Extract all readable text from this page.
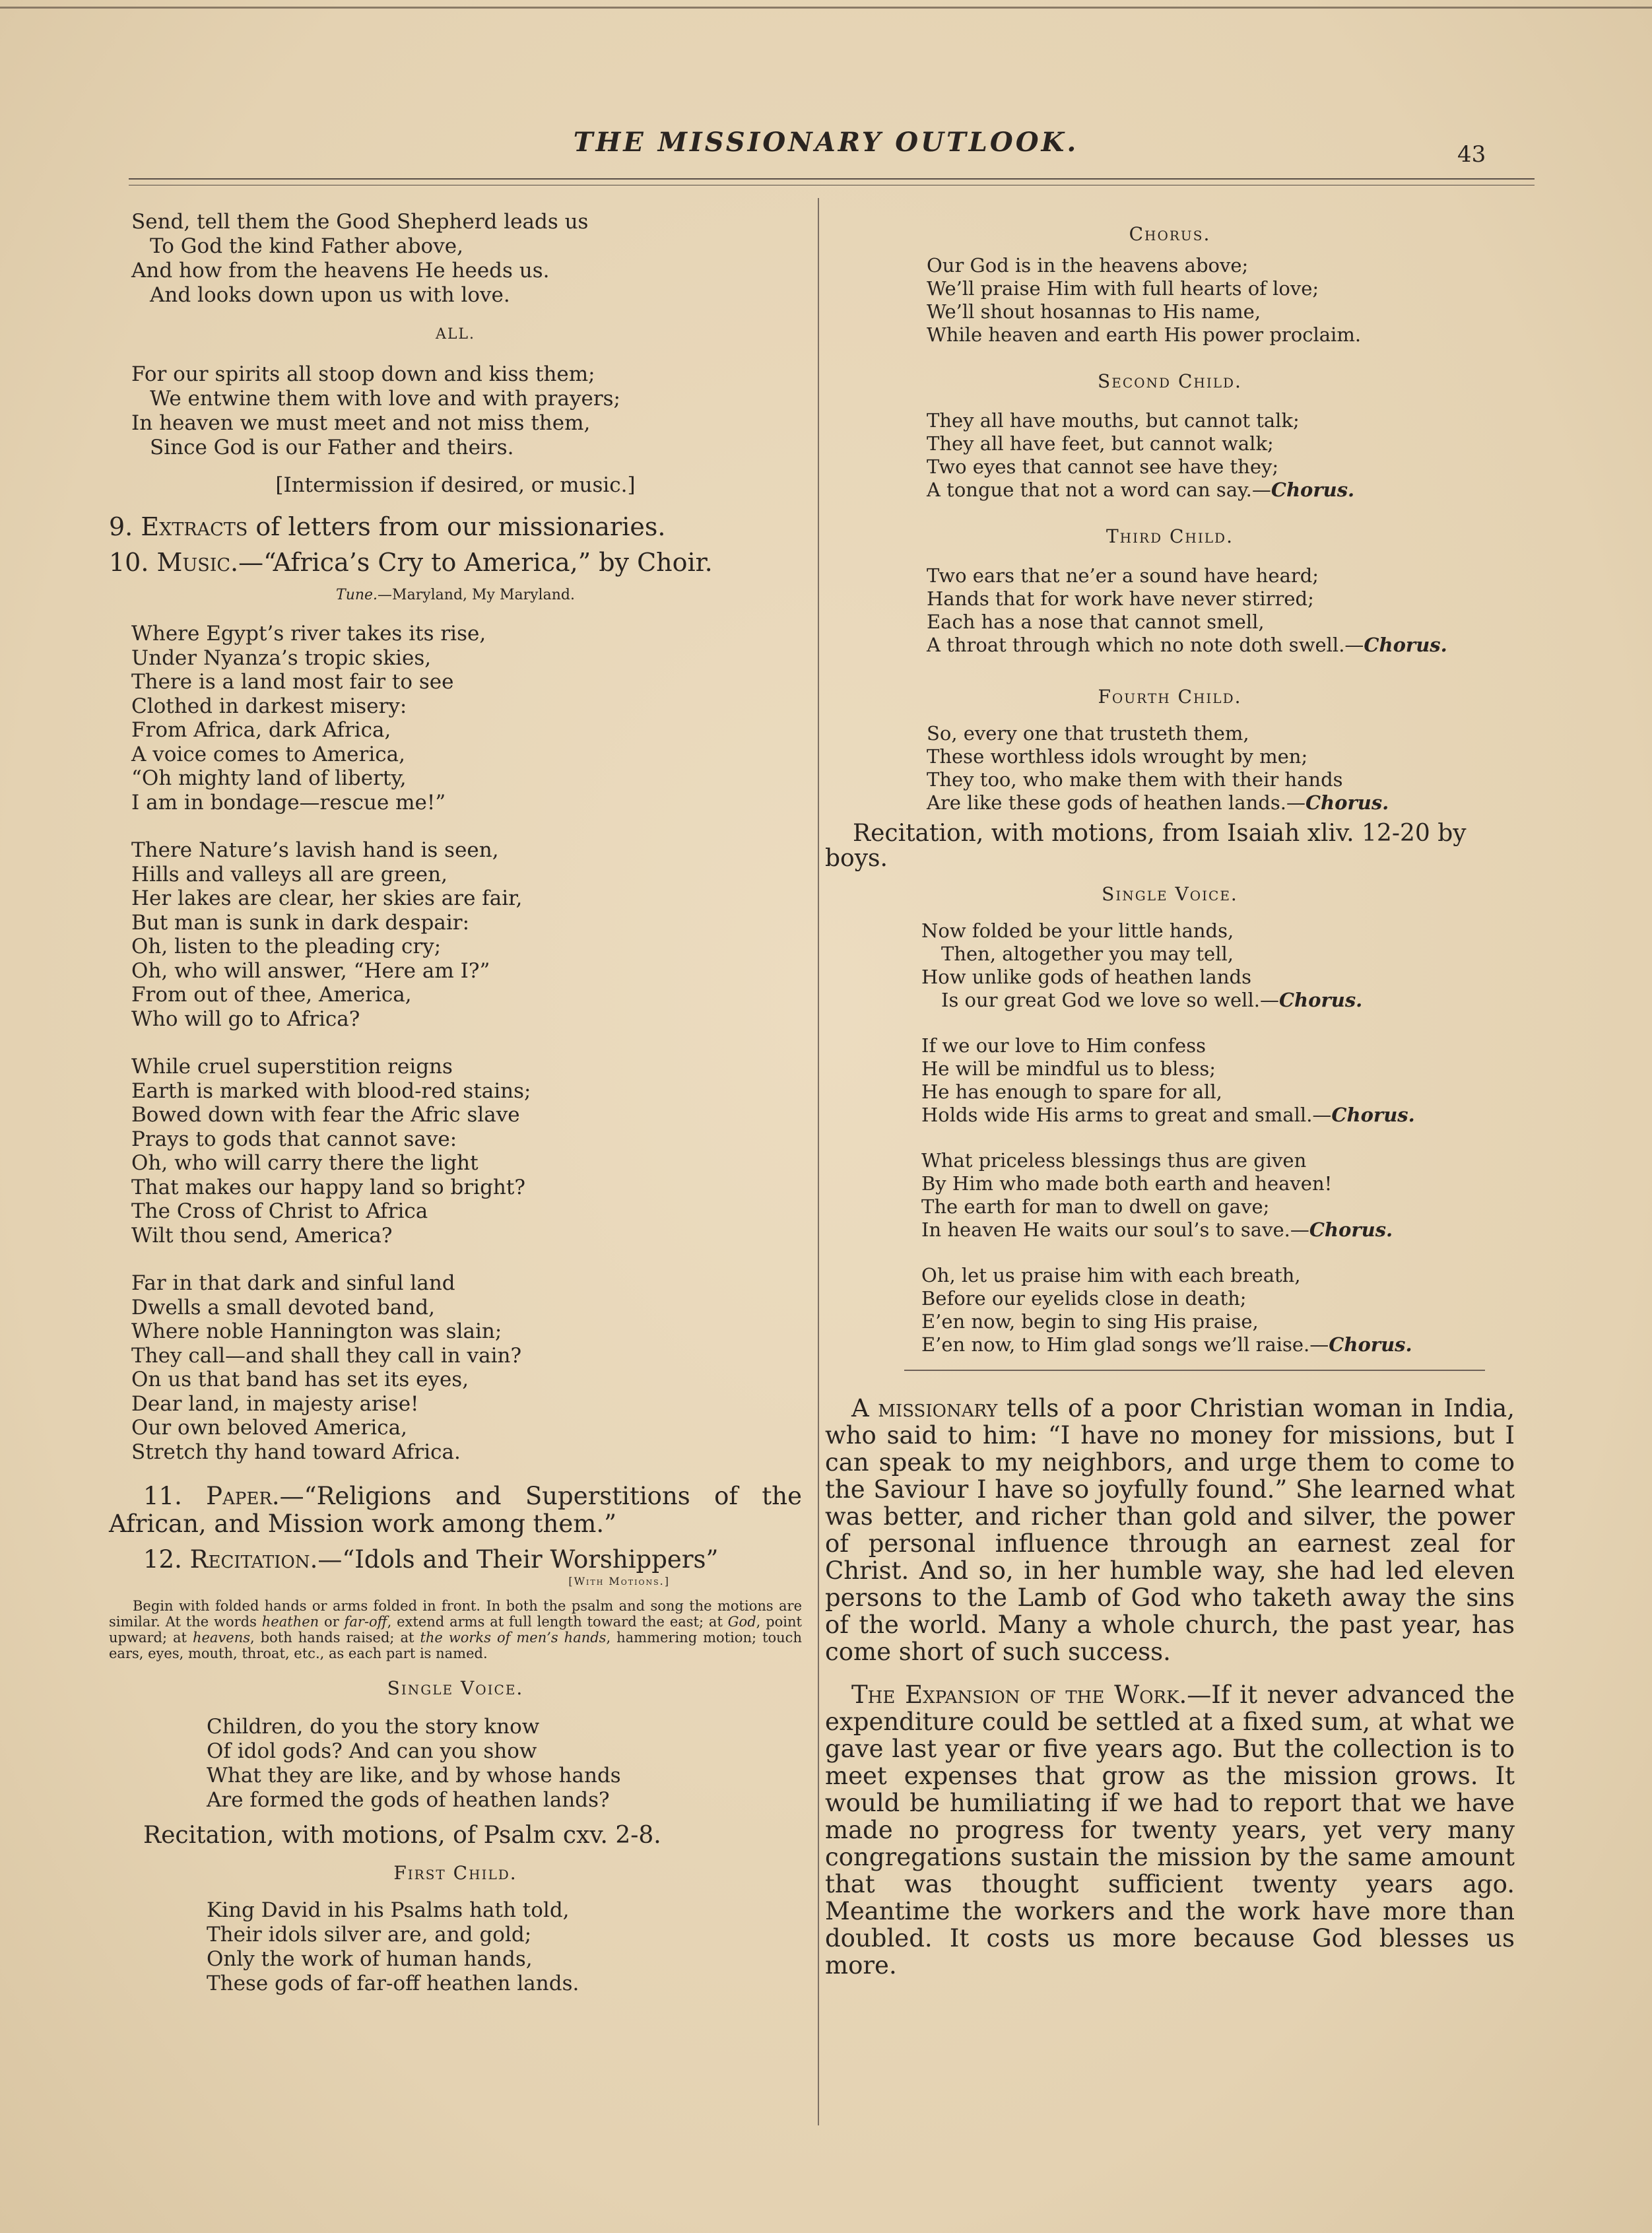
THE MISSIONARY OUTLOOK.	43
Send, tell them the Good Shepherd leads us
To God the kind Father above,
And how from the heavens He heeds us.
And looks down upon us with love.
ALL.
For our spirits all stoop down and kiss them;
We entwine them with love and with prayers;
In heaven we must meet and not miss them,
Since God is our Father and theirs.
[Intermission if desired, or music.]
9. Extracts of letters from our missionaries.
10. Music.—“Africa’s Cry to America,” by Choir.
Tune.—Maryland, My Maryland.
Where Egypt’s river takes its rise,
Under Nyanza’s tropic skies,
There is a land most fair to see
Clothed in darkest misery:
From Africa, dark Africa,
A voice comes to America,
“Oh mighty land of liberty,
I am in bondage—rescue me!”
There Nature’s lavish hand is seen,
Hills and valleys all are green,
Her lakes are clear, her skies are fair,
But man is sunk in dark despair:
Oh, listen to the pleading cry;
Oh, who will answer, “Here am I?”
From out of thee, America,
Who will go to Africa?
While cruel superstition reigns
Earth is marked with blood-red stains;
Bowed down with fear the Afric slave
Prays to gods that cannot save:
Oh, who will carry there the light
That makes our happy land so bright?
The Cross of Christ to Africa
Wilt thou send, America?
Far in that dark and sinful land
Dwells a small devoted band,
Where noble Hannington was slain;
They call—and shall they call in vain?
On us that band has set its eyes,
Dear land, in majesty arise!
Our own beloved America,
Stretch thy hand toward Africa.
11. Paper.—“Religions and Superstitions of the African, and Mission work among them.”
12. Recitation.—“Idols and Their Worshippers”
[With Motions.]
Begin with folded hands or arms folded in front. In both the psalm and song the motions are similar. At the words heathen or far-off, extend arms at full length toward the east; at God, point upward; at heavens, both hands raised; at the works of men’s hands, hammering motion; touch ears, eyes, mouth, throat, etc., as each part is named.
Single Voice.
Children, do you the story know
Of idol gods? And can you show
What they are like, and by whose hands
Are formed the gods of heathen lands?
Recitation, with motions, of Psalm cxv. 2-8.
First Child.
King David in his Psalms hath told,
Their idols silver are, and gold;
Only the work of human hands,
These gods of far-off heathen lands.
Chorus.
Our God is in the heavens above;
We’ll praise Him with full hearts of love;
We’ll shout hosannas to His name,
While heaven and earth His power proclaim.
Second Child.
They all have mouths, but cannot talk;
They all have feet, but cannot walk;
Two eyes that cannot see have they;
A tongue that not a word can say.—Chorus.
Third Child.
Two ears that ne’er a sound have heard;
Hands that for work have never stirred;
Each has a nose that cannot smell,
A throat through which no note doth swell.—Chorus.
Fourth Child.
So, every one that trusteth them,
These worthless idols wrought by men;
They too, who make them with their hands
Are like these gods of heathen lands.—Chorus.
Recitation, with motions, from Isaiah xliv. 12-20 by boys.
Single Voice.
Now folded be your little hands,
Then, altogether you may tell,
How unlike gods of heathen lands
Is our great God we love so well.—Chorus.
If we our love to Him confess
He will be mindful us to bless;
He has enough to spare for all,
Holds wide His arms to great and small.—Chorus.
What priceless blessings thus are given
By Him who made both earth and heaven!
The earth for man to dwell on gave;
In heaven He waits our soul’s to save.—Chorus.
Oh, let us praise him with each breath,
Before our eyelids close in death;
E’en now, begin to sing His praise,
E’en now, to Him glad songs we’ll raise.—Chorus.
A missionary tells of a poor Christian woman in India, who said to him: “I have no money for missions, but I can speak to my neighbors, and urge them to come to the Saviour I have so joyfully found.” She learned what was better, and richer than gold and silver, the power of personal influence through an earnest zeal for Christ. And so, in her humble way, she had led eleven persons to the Lamb of God who taketh away the sins of the world. Many a whole church, the past year, has come short of such success.
The Expansion of the Work.—If it never advanced the expenditure could be settled at a fixed sum, at what we gave last year or five years ago. But the collection is to meet expenses that grow as the mission grows. It would be humiliating if we had to report that we have made no progress for twenty years, yet very many congregations sustain the mission by the same amount that was thought sufficient twenty years ago. Meantime the workers and the work have more than doubled. It costs us more because God blesses us more.
